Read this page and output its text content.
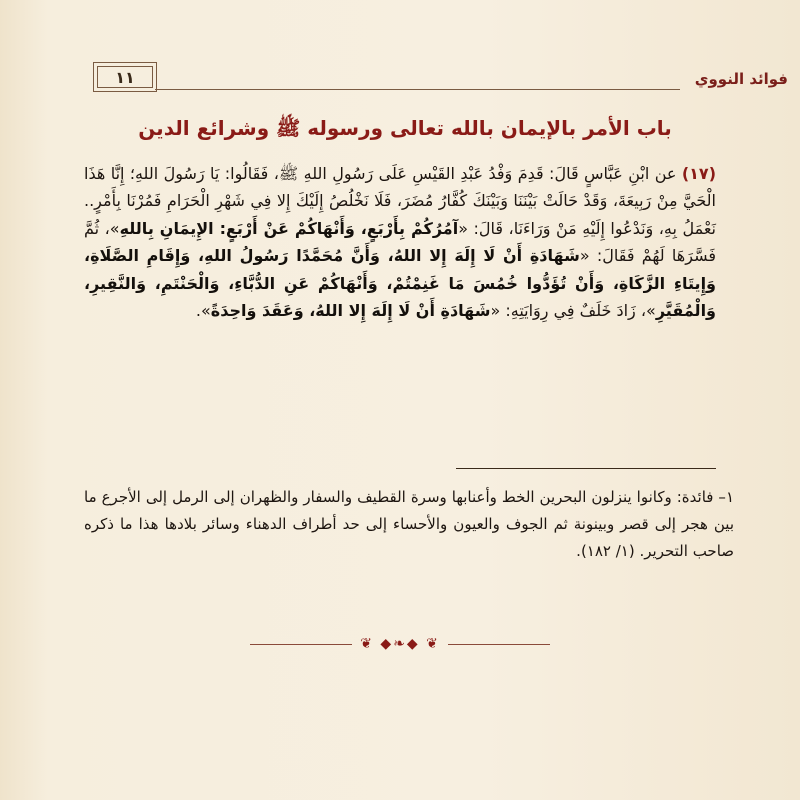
فوائد النووي
١١
باب الأمر بالإيمان بالله تعالى ورسوله ﷺ وشرائع الدين
(١٧) عن ابْنِ عَبَّاسٍ قَالَ: قَدِمَ وَفْدُ عَبْدِ القَيْسِ عَلَى رَسُولِ اللهِ ﷺ، فَقَالُوا: يَا رَسُولَ اللهِ؛ إِنَّا هَذَا الْحَيَّ مِنْ رَبِيعَةَ، وَقَدْ حَالَتْ بَيْنَنَا وَبَيْنَكَ كُفَّارُ مُضَرَ، فَلَا نَخْلُصُ إِلَيْكَ إِلا فِي شَهْرِ الْحَرَامِ فَمُرْنَا بِأَمْرٍ.. نَعْمَلُ بِهِ، وَنَدْعُوا إِلَيْهِ مَنْ وَرَاءَنَا، قَالَ: «آمُرُكُمْ بِأَرْبَعٍ، وَأَنْهَاكُمْ عَنْ أَرْبَعٍ: الإِيمَانِ بِاللهِ»، ثُمَّ فَسَّرَهَا لَهُمْ فَقَالَ: «شَهَادَةِ أَنْ لَا إِلَهَ إِلا اللهُ، وَأَنَّ مُحَمَّدًا رَسُولُ اللهِ، وَإِقَامِ الصَّلَاةِ، وَإِيتَاءِ الزَّكَاةِ، وَأَنْ تُؤَدُّوا خُمُسَ مَا غَنِمْتُمْ، وَأَنْهَاكُمْ عَنِ الدُّبَّاءِ، وَالْحَنْتَمِ، وَالنَّقِيرِ، وَالْمُقَيَّرِ»، زَادَ خَلَفٌ فِي رِوَايَتِهِ: «شَهَادَةِ أَنْ لَا إِلَهَ إِلا اللهُ، وَعَقَدَ وَاحِدَةً».
١– فائدة: وكانوا ينزلون البحرين الخط وأعنابها وسرة القطيف والسفار والظهران إلى الرمل إلى الأجرع ما بين هجر إلى قصر وبينونة ثم الجوف والعيون والأحساء إلى حد أطراف الدهناء وسائر بلادها هذا ما ذكره صاحب التحرير. (١/ ١٨٢).
❦ ◆❧◆ ❦
